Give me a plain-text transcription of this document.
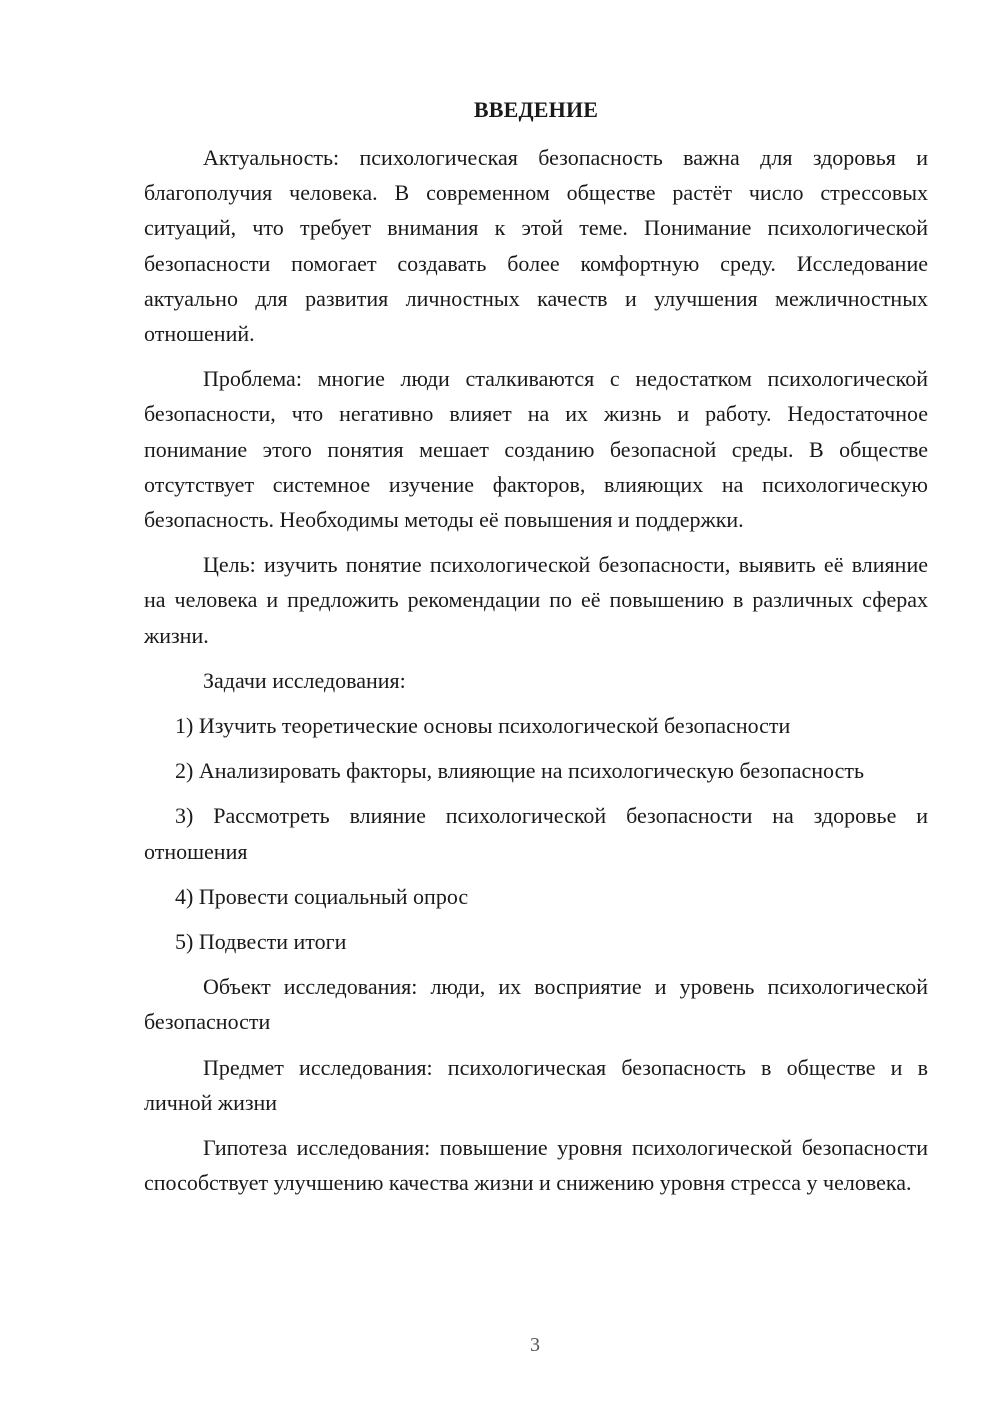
ВВЕДЕНИЕ

Актуальность: психологическая безопасность важна для здоровья и благополучия человека. В современном обществе растёт число стрессовых ситуаций, что требует внимания к этой теме. Понимание психологической безопасности помогает создавать более комфортную среду. Исследование актуально для развития личностных качеств и улучшения межличностных отношений.

Проблема: многие люди сталкиваются с недостатком психологической безопасности, что негативно влияет на их жизнь и работу. Недостаточное понимание этого понятия мешает созданию безопасной среды. В обществе отсутствует системное изучение факторов, влияющих на психологическую безопасность. Необходимы методы её повышения и поддержки.

Цель: изучить понятие психологической безопасности, выявить её влияние на человека и предложить рекомендации по её повышению в различных сферах жизни.

Задачи исследования:

1) Изучить теоретические основы психологической безопасности

2) Анализировать факторы, влияющие на психологическую безопасность

3) Рассмотреть влияние психологической безопасности на здоровье и отношения

4) Провести социальный опрос

5) Подвести итоги

Объект исследования: люди, их восприятие и уровень психологической безопасности

Предмет исследования: психологическая безопасность в обществе и в личной жизни

Гипотеза исследования: повышение уровня психологической безопасности способствует улучшению качества жизни и снижению уровня стресса у человека.

3
